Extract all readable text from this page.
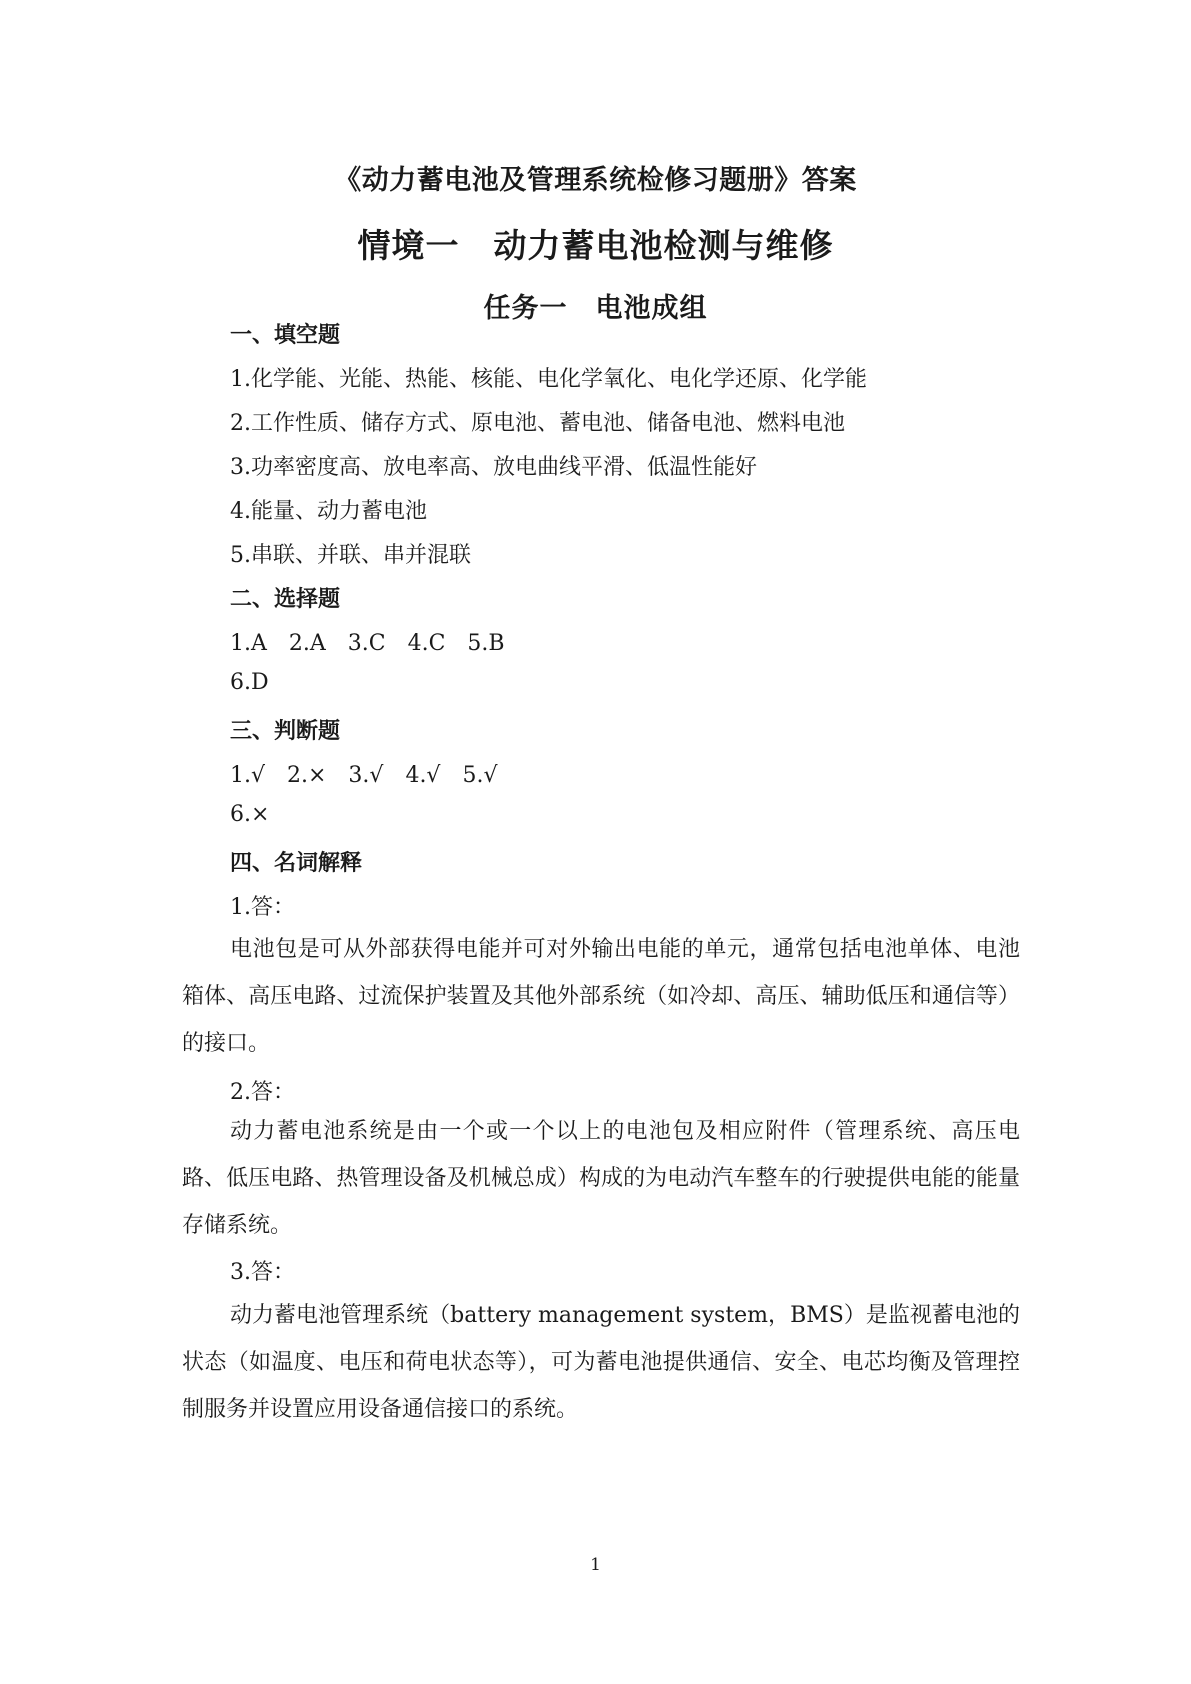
《动力蓄电池及管理系统检修习题册》答案
情境一　动力蓄电池检测与维修
任务一　电池成组
一、填空题
1.化学能、光能、热能、核能、电化学氧化、电化学还原、化学能
2.工作性质、储存方式、原电池、蓄电池、储备电池、燃料电池
3.功率密度高、放电率高、放电曲线平滑、低温性能好
4.能量、动力蓄电池
5.串联、并联、串并混联
二、选择题
1.A　2.A　3.C　4.C　5.B
6.D
三、判断题
1.√　2.×　3.√　4.√　5.√
6.×
四、名词解释
1.答：
电池包是可从外部获得电能并可对外输出电能的单元，通常包括电池单体、电池箱体、高压电路、过流保护装置及其他外部系统（如冷却、高压、辅助低压和通信等）的接口。
2.答：
动力蓄电池系统是由一个或一个以上的电池包及相应附件（管理系统、高压电路、低压电路、热管理设备及机械总成）构成的为电动汽车整车的行驶提供电能的能量存储系统。
3.答：
动力蓄电池管理系统（battery management system，BMS）是监视蓄电池的状态（如温度、电压和荷电状态等），可为蓄电池提供通信、安全、电芯均衡及管理控制服务并设置应用设备通信接口的系统。
1
